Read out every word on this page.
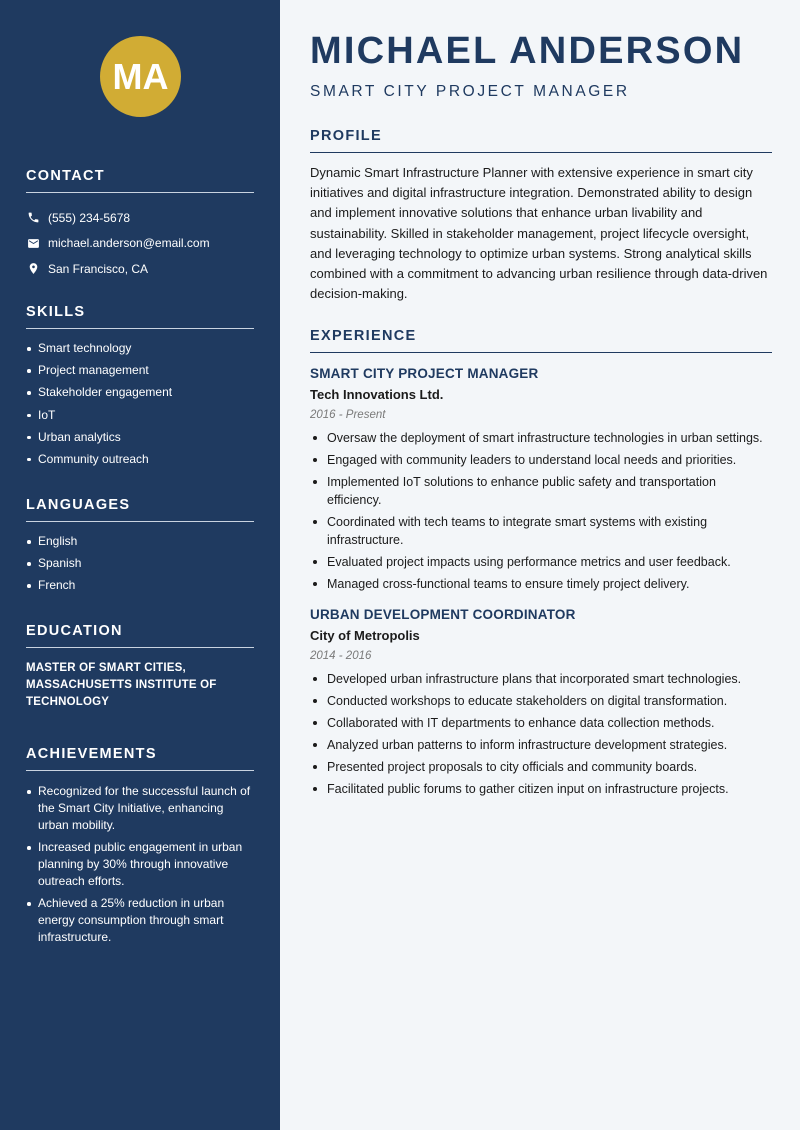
MA
CONTACT
(555) 234-5678
michael.anderson@email.com
San Francisco, CA
SKILLS
Smart technology
Project management
Stakeholder engagement
IoT
Urban analytics
Community outreach
LANGUAGES
English
Spanish
French
EDUCATION
MASTER OF SMART CITIES,
MASSACHUSETTS INSTITUTE OF
TECHNOLOGY
ACHIEVEMENTS
Recognized for the successful launch of the Smart City Initiative, enhancing urban mobility.
Increased public engagement in urban planning by 30% through innovative outreach efforts.
Achieved a 25% reduction in urban energy consumption through smart infrastructure.
MICHAEL ANDERSON
SMART CITY PROJECT MANAGER
PROFILE
Dynamic Smart Infrastructure Planner with extensive experience in smart city initiatives and digital infrastructure integration. Demonstrated ability to design and implement innovative solutions that enhance urban livability and sustainability. Skilled in stakeholder management, project lifecycle oversight, and leveraging technology to optimize urban systems. Strong analytical skills combined with a commitment to advancing urban resilience through data-driven decision-making.
EXPERIENCE
SMART CITY PROJECT MANAGER
Tech Innovations Ltd.
2016 - Present
Oversaw the deployment of smart infrastructure technologies in urban settings.
Engaged with community leaders to understand local needs and priorities.
Implemented IoT solutions to enhance public safety and transportation efficiency.
Coordinated with tech teams to integrate smart systems with existing infrastructure.
Evaluated project impacts using performance metrics and user feedback.
Managed cross-functional teams to ensure timely project delivery.
URBAN DEVELOPMENT COORDINATOR
City of Metropolis
2014 - 2016
Developed urban infrastructure plans that incorporated smart technologies.
Conducted workshops to educate stakeholders on digital transformation.
Collaborated with IT departments to enhance data collection methods.
Analyzed urban patterns to inform infrastructure development strategies.
Presented project proposals to city officials and community boards.
Facilitated public forums to gather citizen input on infrastructure projects.
